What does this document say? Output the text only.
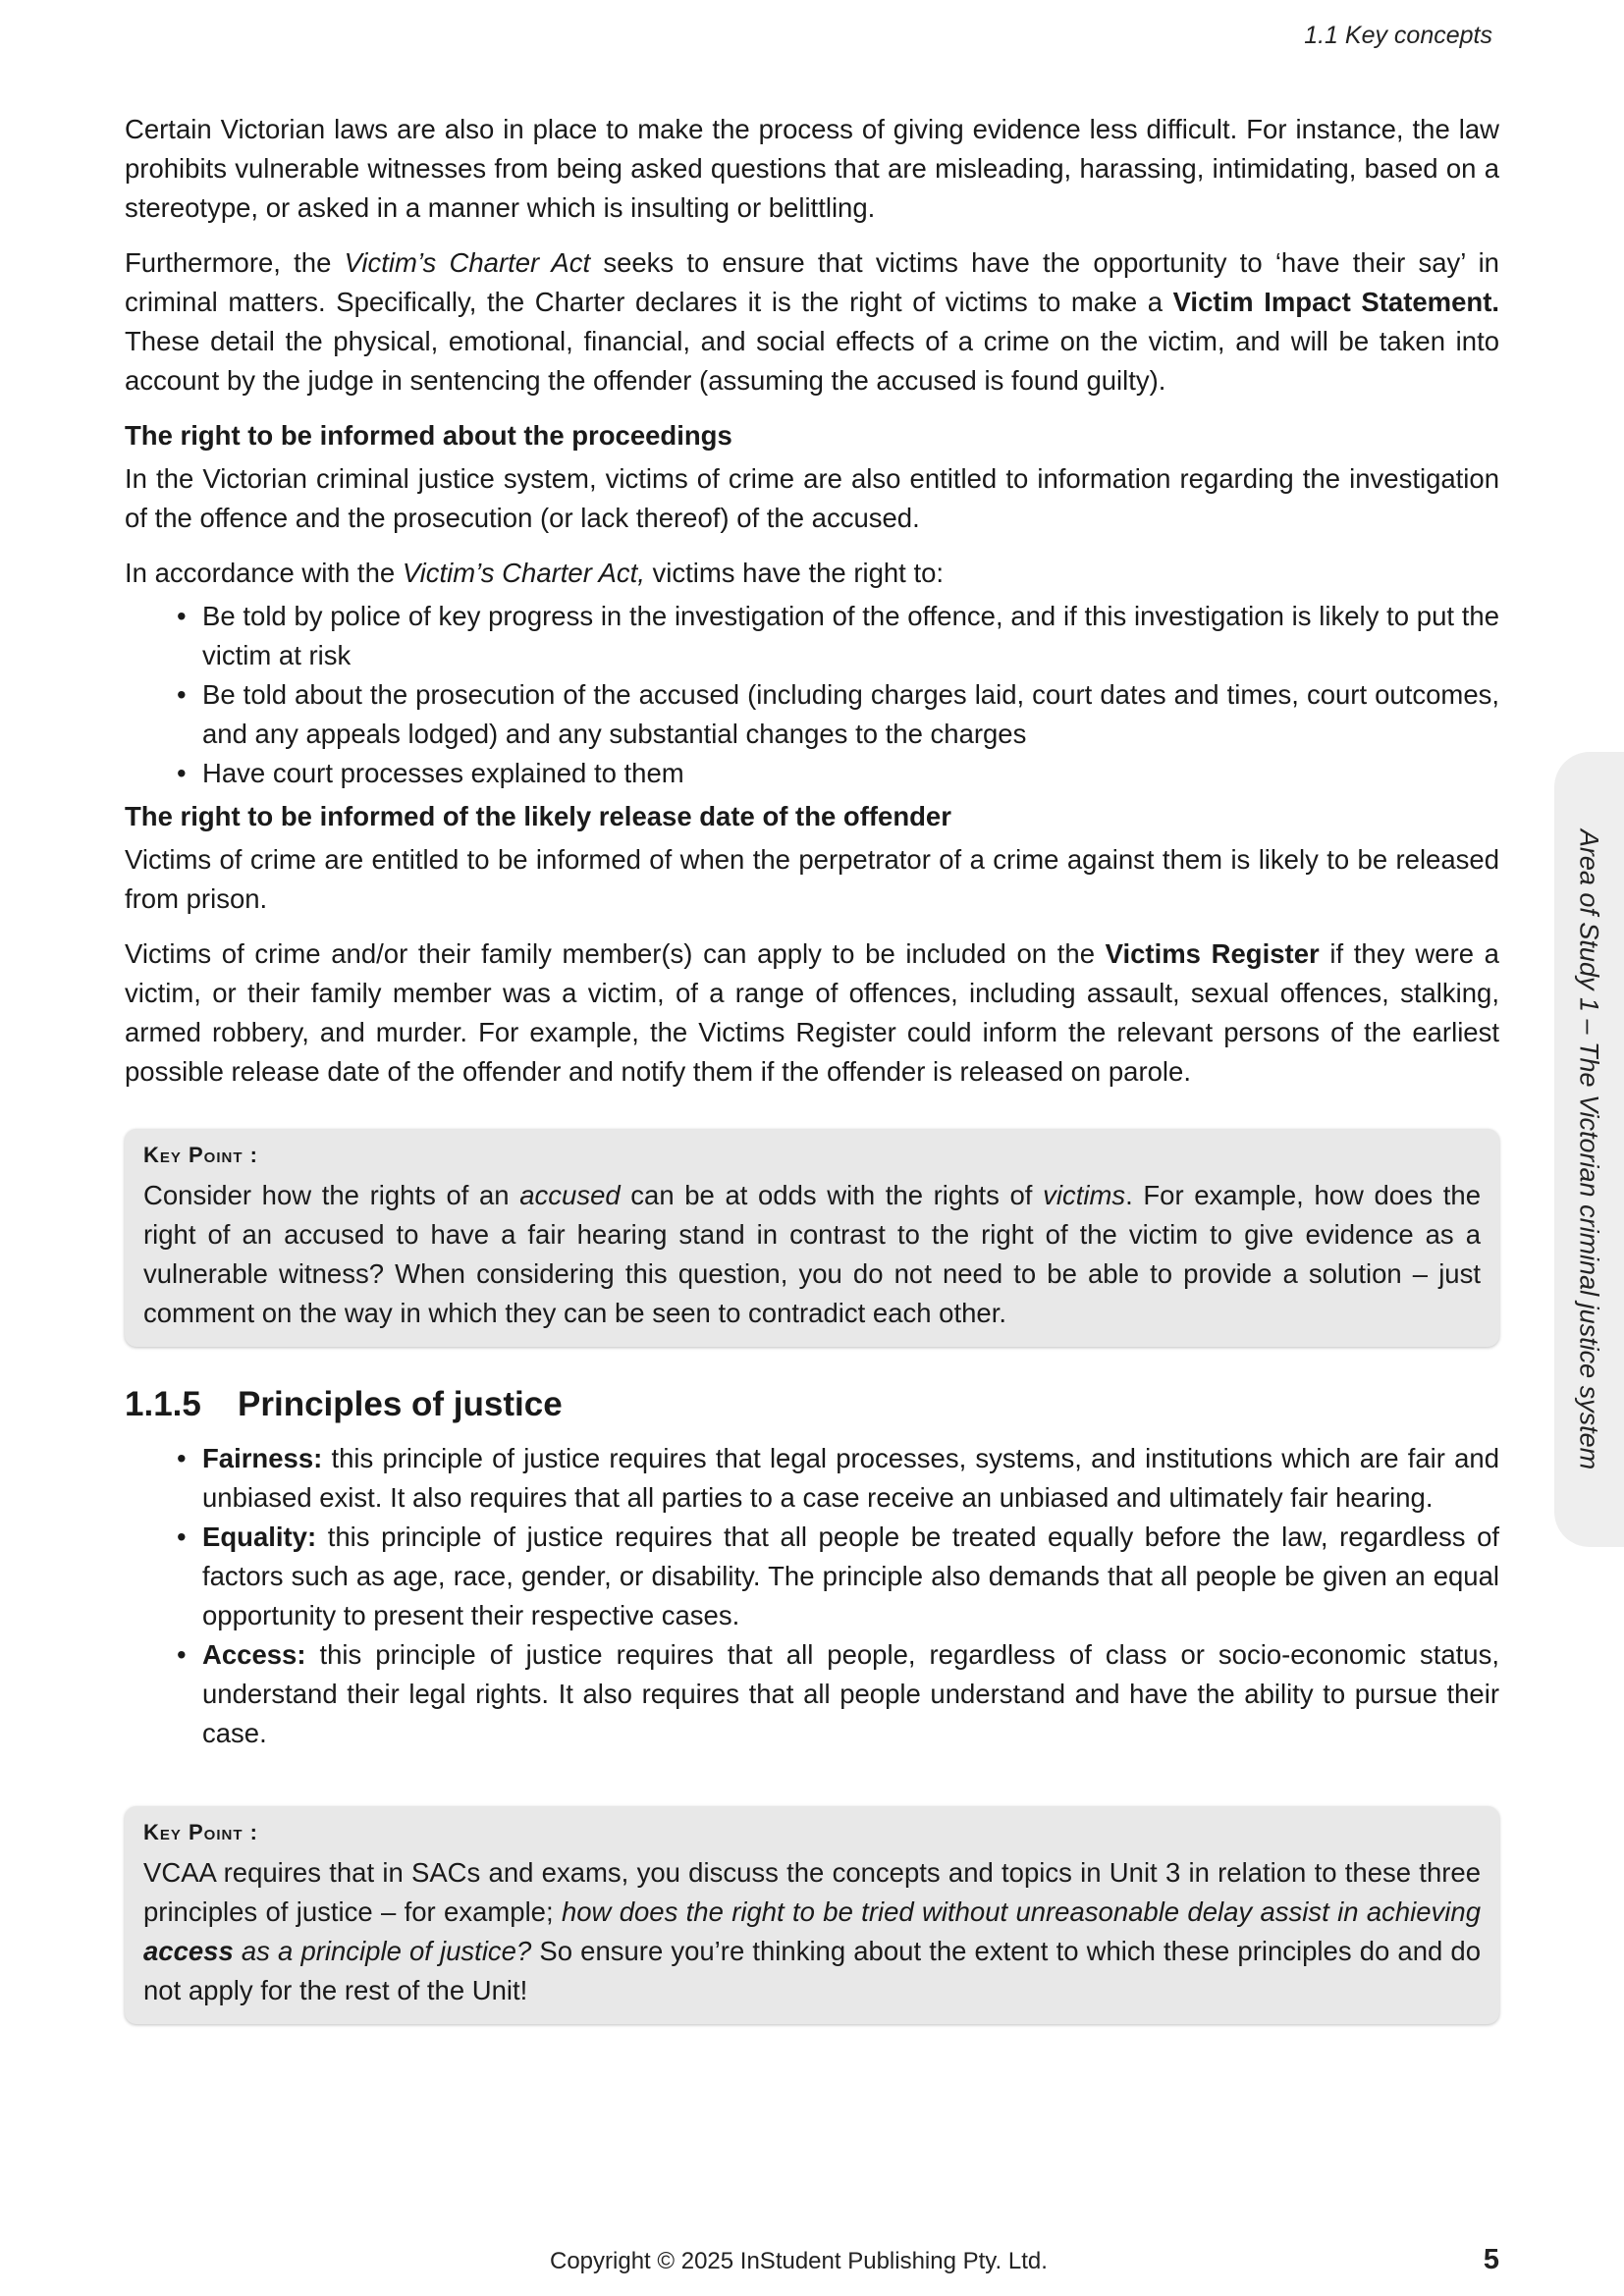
1.1 Key concepts
Area of Study 1 – The Victorian criminal justice system

Certain Victorian laws are also in place to make the process of giving evidence less difficult. For instance, the law prohibits vulnerable witnesses from being asked questions that are misleading, harassing, intimidating, based on a stereotype, or asked in a manner which is insulting or belittling.

Furthermore, the Victim’s Charter Act seeks to ensure that victims have the opportunity to ‘have their say’ in criminal matters. Specifically, the Charter declares it is the right of victims to make a Victim Impact Statement. These detail the physical, emotional, financial, and social effects of a crime on the victim, and will be taken into account by the judge in sentencing the offender (assuming the accused is found guilty).

The right to be informed about the proceedings

In the Victorian criminal justice system, victims of crime are also entitled to information regarding the investigation of the offence and the prosecution (or lack thereof) of the accused.

In accordance with the Victim’s Charter Act, victims have the right to:

• Be told by police of key progress in the investigation of the offence, and if this investigation is likely to put the victim at risk
• Be told about the prosecution of the accused (including charges laid, court dates and times, court outcomes, and any appeals lodged) and any substantial changes to the charges
• Have court processes explained to them
The right to be informed of the likely release date of the offender

Victims of crime are entitled to be informed of when the perpetrator of a crime against them is likely to be released from prison.

Victims of crime and/or their family member(s) can apply to be included on the Victims Register if they were a victim, or their family member was a victim, of a range of offences, including assault, sexual offences, stalking, armed robbery, and murder. For example, the Victims Register could inform the relevant persons of the earliest possible release date of the offender and notify them if the offender is released on parole.

Key Point :

Consider how the rights of an accused can be at odds with the rights of victims. For example, how does the right of an accused to have a fair hearing stand in contrast to the right of the victim to give evidence as a vulnerable witness? When considering this question, you do not need to be able to provide a solution – just comment on the way in which they can be seen to contradict each other.

1.1.5 Principles of justice
• Fairness: this principle of justice requires that legal processes, systems, and institutions which are fair and unbiased exist. It also requires that all parties to a case receive an unbiased and ultimately fair hearing.
• Equality: this principle of justice requires that all people be treated equally before the law, regardless of factors such as age, race, gender, or disability. The principle also demands that all people be given an equal opportunity to present their respective cases.
• Access: this principle of justice requires that all people, regardless of class or socio-economic status, understand their legal rights. It also requires that all people understand and have the ability to pursue their case.
Key Point :

VCAA requires that in SACs and exams, you discuss the concepts and topics in Unit 3 in relation to these three principles of justice – for example; how does the right to be tried without unreasonable delay assist in achieving access as a principle of justice? So ensure you’re thinking about the extent to which these principles do and do not apply for the rest of the Unit!

Copyright © 2025 InStudent Publishing Pty. Ltd.	5
